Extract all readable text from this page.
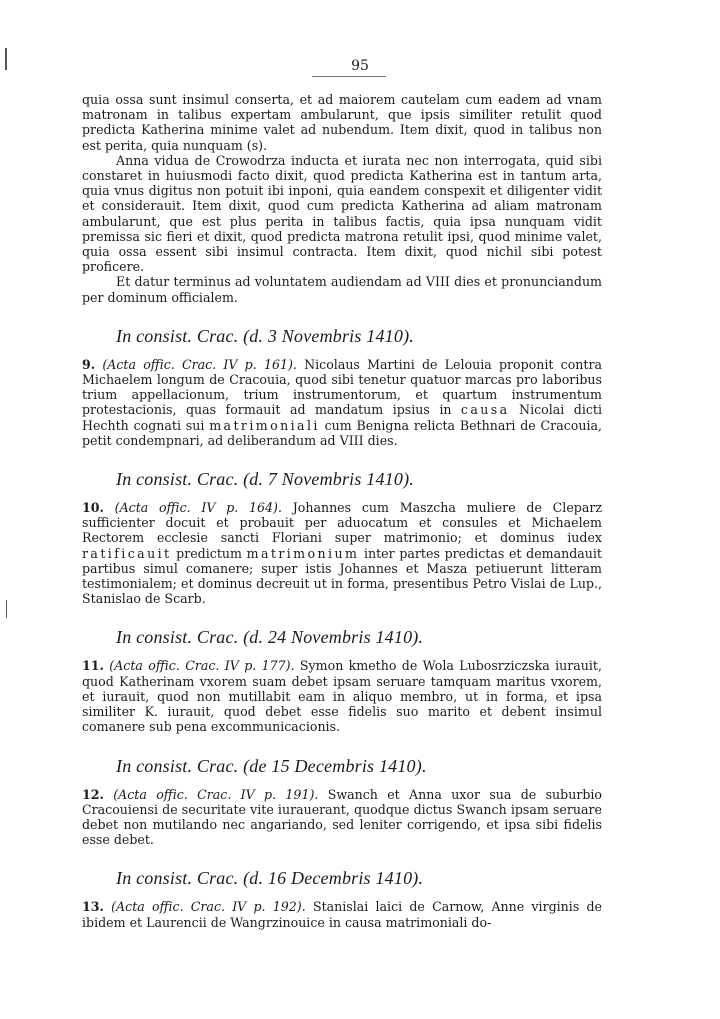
95

quia ossa sunt insimul conserta, et ad maiorem cautelam cum eadem ad vnam matronam in talibus expertam ambularunt, que ipsis similiter retulit quod predicta Katherina minime valet ad nubendum. Item dixit, quod in talibus non est perita, quia nunquam (s).

Anna vidua de Crowodrza inducta et iurata nec non interrogata, quid sibi constaret in huiusmodi facto dixit, quod predicta Katherina est in tantum arta, quia vnus digitus non potuit ibi inponi, quia eandem conspexit et diligenter vidit et considerauit. Item dixit, quod cum predicta Katherina ad aliam matronam ambularunt, que est plus perita in talibus factis, quia ipsa nunquam vidit premissa sic fieri et dixit, quod predicta matrona retulit ipsi, quod minime valet, quia ossa essent sibi insimul contracta. Item dixit, quod nichil sibi potest proficere.

Et datur terminus ad voluntatem audiendam ad VIII dies et pronunciandum per dominum officialem.

In consist. Crac. (d. 3 Novembris 1410).

9. (Acta offic. Crac. IV p. 161). Nicolaus Martini de Lelouia proponit contra Michaelem longum de Cracouia, quod sibi tenetur quatuor marcas pro laboribus trium appellacionum, trium instrumentorum, et quartum instrumentum protestacionis, quas formauit ad mandatum ipsius in causa Nicolai dicti Hechth cognati sui matrimoniali cum Benigna relicta Bethnari de Cracouia, petit condempnari, ad deliberandum ad VIII dies.

In consist. Crac. (d. 7 Novembris 1410).

10. (Acta offic. IV p. 164). Johannes cum Maszcha muliere de Cleparz sufficienter docuit et probauit per aduocatum et consules et Michaelem Rectorem ecclesie sancti Floriani super matrimonio; et dominus iudex ratificauit predictum matrimonium inter partes predictas et demandauit partibus simul comanere; super istis Johannes et Masza petiuerunt litteram testimonialem; et dominus decreuit ut in forma, presentibus Petro Vislai de Lup., Stanislao de Scarb.

In consist. Crac. (d. 24 Novembris 1410).

11. (Acta offic. Crac. IV p. 177). Symon kmetho de Wola Lubosrziczska iurauit, quod Katherinam vxorem suam debet ipsam seruare tamquam maritus vxorem, et iurauit, quod non mutillabit eam in aliquo membro, ut in forma, et ipsa similiter K. iurauit, quod debet esse fidelis suo marito et debent insimul comanere sub pena excommunicacionis.

In consist. Crac. (de 15 Decembris 1410).

12. (Acta offic. Crac. IV p. 191). Swanch et Anna uxor sua de suburbio Cracouiensi de securitate vite iurauerant, quodque dictus Swanch ipsam seruare debet non mutilando nec angariando, sed leniter corrigendo, et ipsa sibi fidelis esse debet.

In consist. Crac. (d. 16 Decembris 1410).

13. (Acta offic. Crac. IV p. 192). Stanislai laici de Carnow, Anne virginis de ibidem et Laurencii de Wangrzinouice in causa matrimoniali do-
